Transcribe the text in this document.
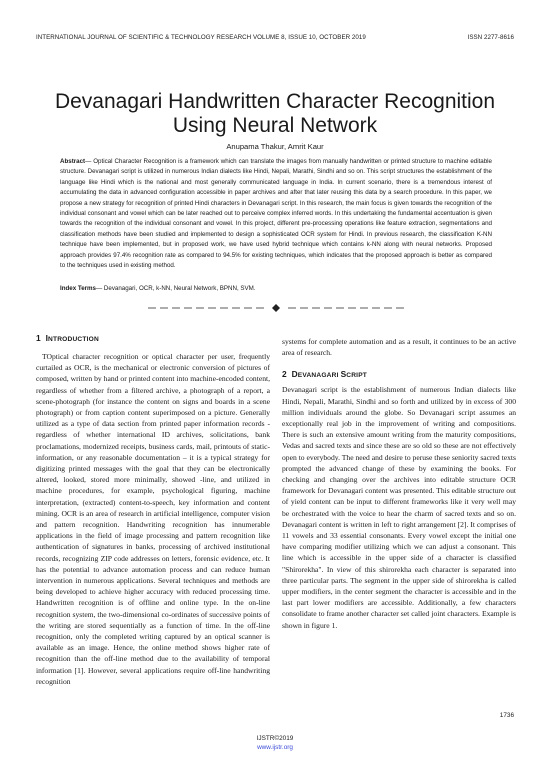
INTERNATIONAL JOURNAL OF SCIENTIFIC & TECHNOLOGY RESEARCH VOLUME 8, ISSUE 10, OCTOBER 2019	ISSN 2277-8616
Devanagari Handwritten Character Recognition
Using Neural Network
Anupama Thakur, Amrit Kaur

Abstract— Optical Character Recognition is a framework which can translate the images from manually handwritten or printed structure to machine editable structure. Devanagari script is utilized in numerous Indian dialects like Hindi, Nepali, Marathi, Sindhi and so on. This script structures the establishment of the language like Hindi which is the national and most generally communicated language in India. In current scenario, there is a tremendous interest of accumulating the data in advanced configuration accessible in paper archives and after that later reusing this data by a search procedure. In this paper, we propose a new strategy for recognition of printed Hindi characters in Devanagari script. In this research, the main focus is given towards the recognition of the individual consonant and vowel which can be later reached out to perceive complex inferred words. In this undertaking the fundamental accentuation is given towards the recognition of the individual consonant and vowel. In this project, different pre-processing operations like feature extraction, segmentations and classification methods have been studied and implemented to design a sophisticated OCR system for Hindi. In previous research, the classification K-NN technique have been implemented, but in proposed work, we have used hybrid technique which contains k-NN along with neural networks. Proposed approach provides 97.4% recognition rate as compared to 94.5% for existing techniques, which indicates that the proposed approach is better as compared to the techniques used in existing method.

Index Terms— Devanagari, OCR, k-NN, Neural Network, BPNN, SVM.

1 INTRODUCTION

TOptical character recognition or optical character per user, frequently curtailed as OCR, is the mechanical or electronic conversion of pictures of composed, written by hand or printed content into machine-encoded content, regardless of whether from a filtered archive, a photograph of a report, a scene-photograph (for instance the content on signs and boards in a scene photograph) or from caption content superimposed on a picture. Generally utilized as a type of data section from printed paper information records - regardless of whether international ID archives, solicitations, bank proclamations, modernized receipts, business cards, mail, printouts of static-information, or any reasonable documentation – it is a typical strategy for digitizing printed messages with the goal that they can be electronically altered, looked, stored more minimally, showed -line, and utilized in machine procedures, for example, psychological figuring, machine interpretation, (extracted) content-to-speech, key information and content mining. OCR is an area of research in artificial intelligence, computer vision and pattern recognition. Handwriting recognition has innumerable applications in the field of image processing and pattern recognition like authentication of signatures in banks, processing of archived institutional records, recognizing ZIP code addresses on letters, forensic evidence, etc. It has the potential to advance automation process and can reduce human intervention in numerous applications. Several techniques and methods are being developed to achieve higher accuracy with reduced processing time. Handwritten recognition is of offline and online type. In the on-line recognition system, the two-dimensional co-ordinates of successive points of the writing are stored sequentially as a function of time. In the off-line recognition, only the completed writing captured by an optical scanner is available as an image. Hence, the online method shows higher rate of recognition than the off-line method due to the availability of temporal information [1]. However, several applications require off-line handwriting recognition

systems for complete automation and as a result, it continues to be an active area of research.

2 DEVANAGARI SCRIPT

Devanagari script is the establishment of numerous Indian dialects like Hindi, Nepali, Marathi, Sindhi and so forth and utilized by in excess of 300 million individuals around the globe. So Devanagari script assumes an exceptionally real job in the improvement of writing and compositions. There is such an extensive amount writing from the maturity compositions, Vedas and sacred texts and since these are so old so these are not effectively open to everybody. The need and desire to peruse these seniority sacred texts prompted the advanced change of these by examining the books. For checking and changing over the archives into editable structure OCR framework for Devanagari content was presented. This editable structure out of yield content can be input to different frameworks like it very well may be orchestrated with the voice to hear the charm of sacred texts and so on. Devanagari content is written in left to right arrangement [2]. It comprises of 11 vowels and 33 essential consonants. Every vowel except the initial one have comparing modifier utilizing which we can adjust a consonant. This line which is accessible in the upper side of a character is classified "Shirorekha". In view of this shirorekha each character is separated into three particular parts. The segment in the upper side of shirorekha is called upper modifiers, in the center segment the character is accessible and in the last part lower modifiers are accessible. Additionally, a few characters consolidate to frame another character set called joint characters. Example is shown in figure 1.

1736
IJSTR©2019
www.ijstr.org
